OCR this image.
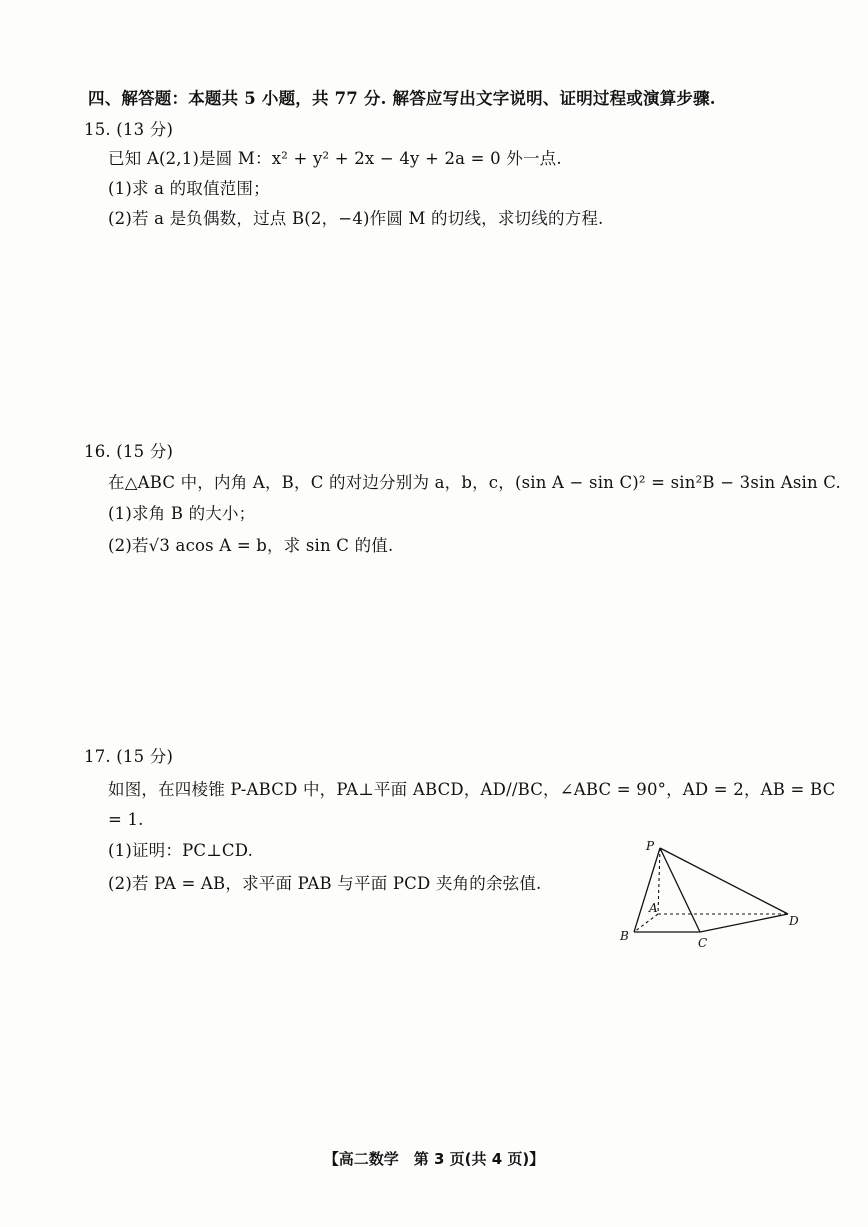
四、解答题：本题共 5 小题，共 77 分. 解答应写出文字说明、证明过程或演算步骤.
15. (13 分)
已知 A(2,1)是圆 M：x² + y² + 2x − 4y + 2a = 0 外一点.
(1)求 a 的取值范围；
(2)若 a 是负偶数，过点 B(2，−4)作圆 M 的切线，求切线的方程.
16. (15 分)
在△ABC 中，内角 A，B，C 的对边分别为 a，b，c，(sin A − sin C)² = sin²B − 3sin Asin C.
(1)求角 B 的大小；
(2)若√3 acos A = b，求 sin C 的值.
17. (15 分)
如图，在四棱锥 P-ABCD 中，PA⊥平面 ABCD，AD//BC，∠ABC = 90°，AD = 2，AB = BC
= 1.
(1)证明：PC⊥CD.
(2)若 PA = AB，求平面 PAB 与平面 PCD 夹角的余弦值.
P
A
B	C
D
【高二数学　第 3 页(共 4 页)】
